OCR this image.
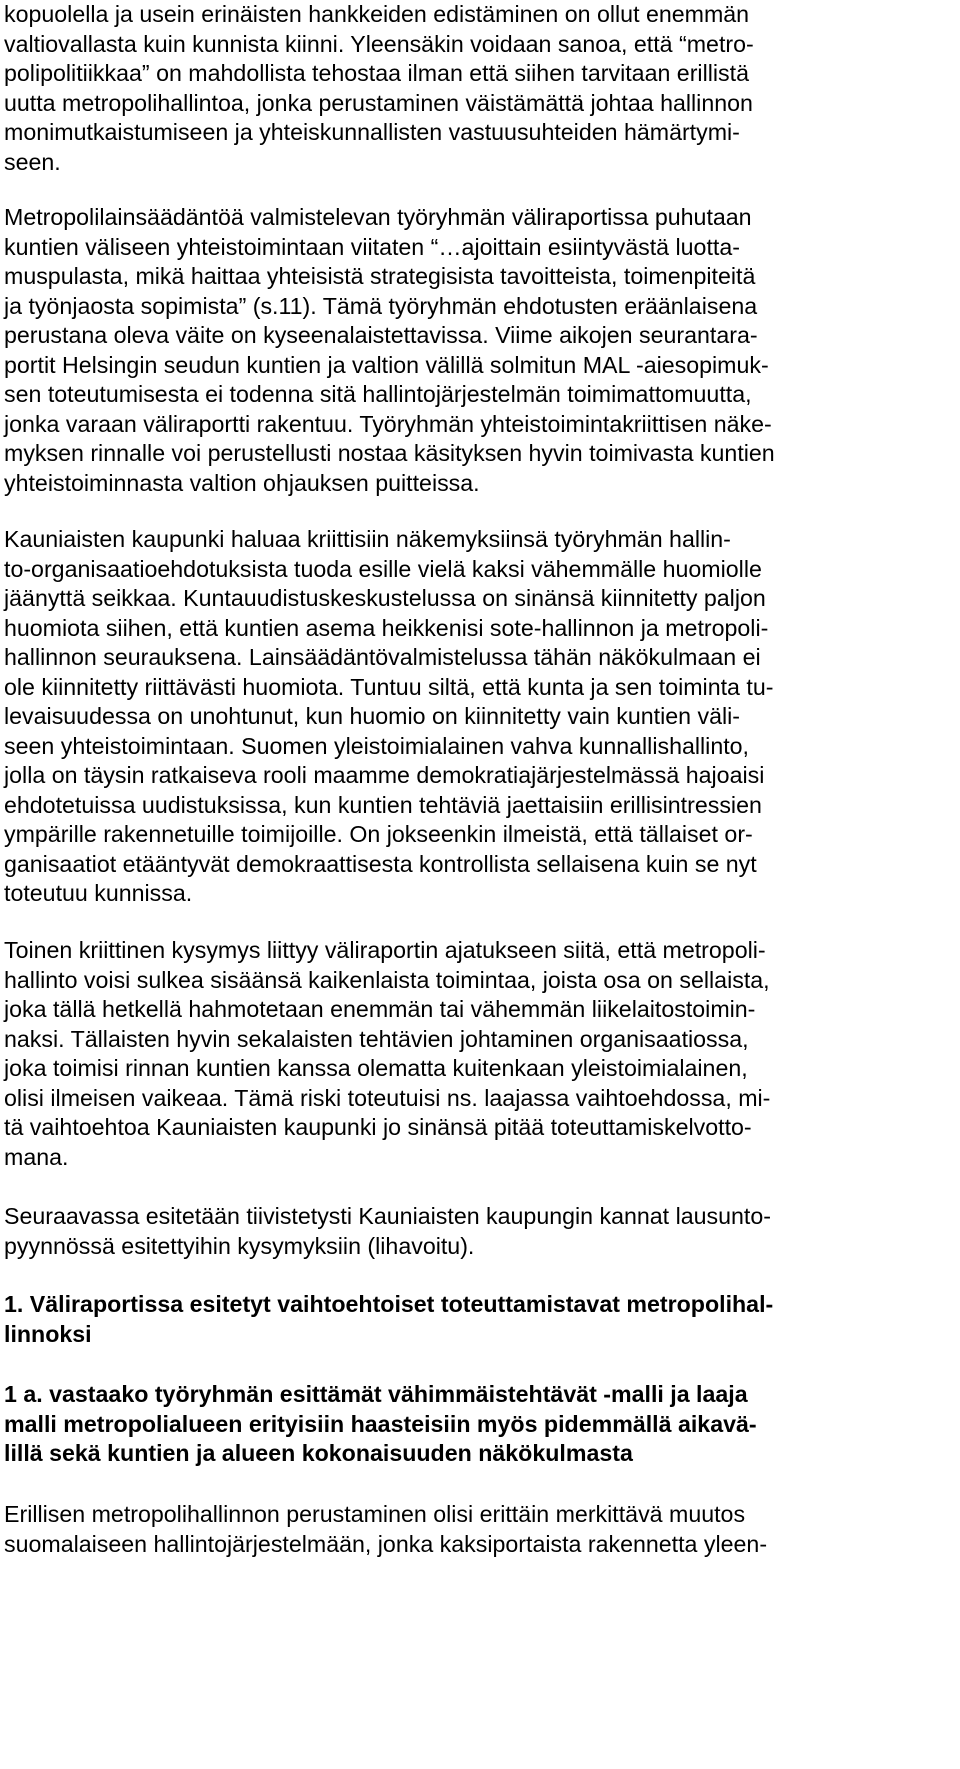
kopuolella ja usein erinäisten hankkeiden edistäminen on ollut enemmän
valtiovallasta kuin kunnista kiinni. Yleensäkin voidaan sanoa, että “metro-
polipolitiikkaa” on mahdollista tehostaa ilman että siihen tarvitaan erillistä
uutta metropolihallintoa, jonka perustaminen väistämättä johtaa hallinnon
monimutkaistumiseen ja yhteiskunnallisten vastuusuhteiden hämärtymi-
seen.
Metropolilainsäädäntöä valmistelevan työryhmän väliraportissa puhutaan
kuntien väliseen yhteistoimintaan viitaten “…ajoittain esiintyvästä luotta-
muspulasta, mikä haittaa yhteisistä strategisista tavoitteista, toimenpiteitä
ja työnjaosta sopimista” (s.11). Tämä työryhmän ehdotusten eräänlaisena
perustana oleva väite on kyseenalaistettavissa. Viime aikojen seurantara-
portit Helsingin seudun kuntien ja valtion välillä solmitun MAL -aiesopimuk-
sen toteutumisesta ei todenna sitä hallintojärjestelmän toimimattomuutta,
jonka varaan väliraportti rakentuu. Työryhmän yhteistoimintakriittisen näke-
myksen rinnalle voi perustellusti nostaa käsityksen hyvin toimivasta kuntien
yhteistoiminnasta valtion ohjauksen puitteissa.
Kauniaisten kaupunki haluaa kriittisiin näkemyksiinsä työryhmän hallin-
to-organisaatioehdotuksista tuoda esille vielä kaksi vähemmälle huomiolle
jäänyttä seikkaa. Kuntauudistuskeskustelussa on sinänsä kiinnitetty paljon
huomiota siihen, että kuntien asema heikkenisi sote-hallinnon ja metropoli-
hallinnon seurauksena. Lainsäädäntövalmistelussa tähän näkökulmaan ei
ole kiinnitetty riittävästi huomiota. Tuntuu siltä, että kunta ja sen toiminta tu-
levaisuudessa on unohtunut, kun huomio on kiinnitetty vain kuntien väli-
seen yhteistoimintaan. Suomen yleistoimialainen vahva kunnallishallinto,
jolla on täysin ratkaiseva rooli maamme demokratiajärjestelmässä hajoaisi
ehdotetuissa uudistuksissa, kun kuntien tehtäviä jaettaisiin erillisintressien
ympärille rakennetuille toimijoille. On jokseenkin ilmeistä, että tällaiset or-
ganisaatiot etääntyvät demokraattisesta kontrollista sellaisena kuin se nyt
toteutuu kunnissa.
Toinen kriittinen kysymys liittyy väliraportin ajatukseen siitä, että metropoli-
hallinto voisi sulkea sisäänsä kaikenlaista toimintaa, joista osa on sellaista,
joka tällä hetkellä hahmotetaan enemmän tai vähemmän liikelaitostoimin-
naksi. Tällaisten hyvin sekalaisten tehtävien johtaminen organisaatiossa,
joka toimisi rinnan kuntien kanssa olematta kuitenkaan yleistoimialainen,
olisi ilmeisen vaikeaa. Tämä riski toteutuisi ns. laajassa vaihtoehdossa, mi-
tä vaihtoehtoa Kauniaisten kaupunki jo sinänsä pitää toteuttamiskelvotto-
mana.
Seuraavassa esitetään tiivistetysti Kauniaisten kaupungin kannat lausunto-
pyynnössä esitettyihin kysymyksiin (lihavoitu).
1. Väliraportissa esitetyt vaihtoehtoiset toteuttamistavat metropolihal-
linnoksi
1 a. vastaako työryhmän esittämät vähimmäistehtävät -malli ja laaja
malli metropolialueen erityisiin haasteisiin myös pidemmällä aikavä-
lillä sekä kuntien ja alueen kokonaisuuden näkökulmasta
Erillisen metropolihallinnon perustaminen olisi erittäin merkittävä muutos
suomalaiseen hallintojärjestelmään, jonka kaksiportaista rakennetta yleen-
